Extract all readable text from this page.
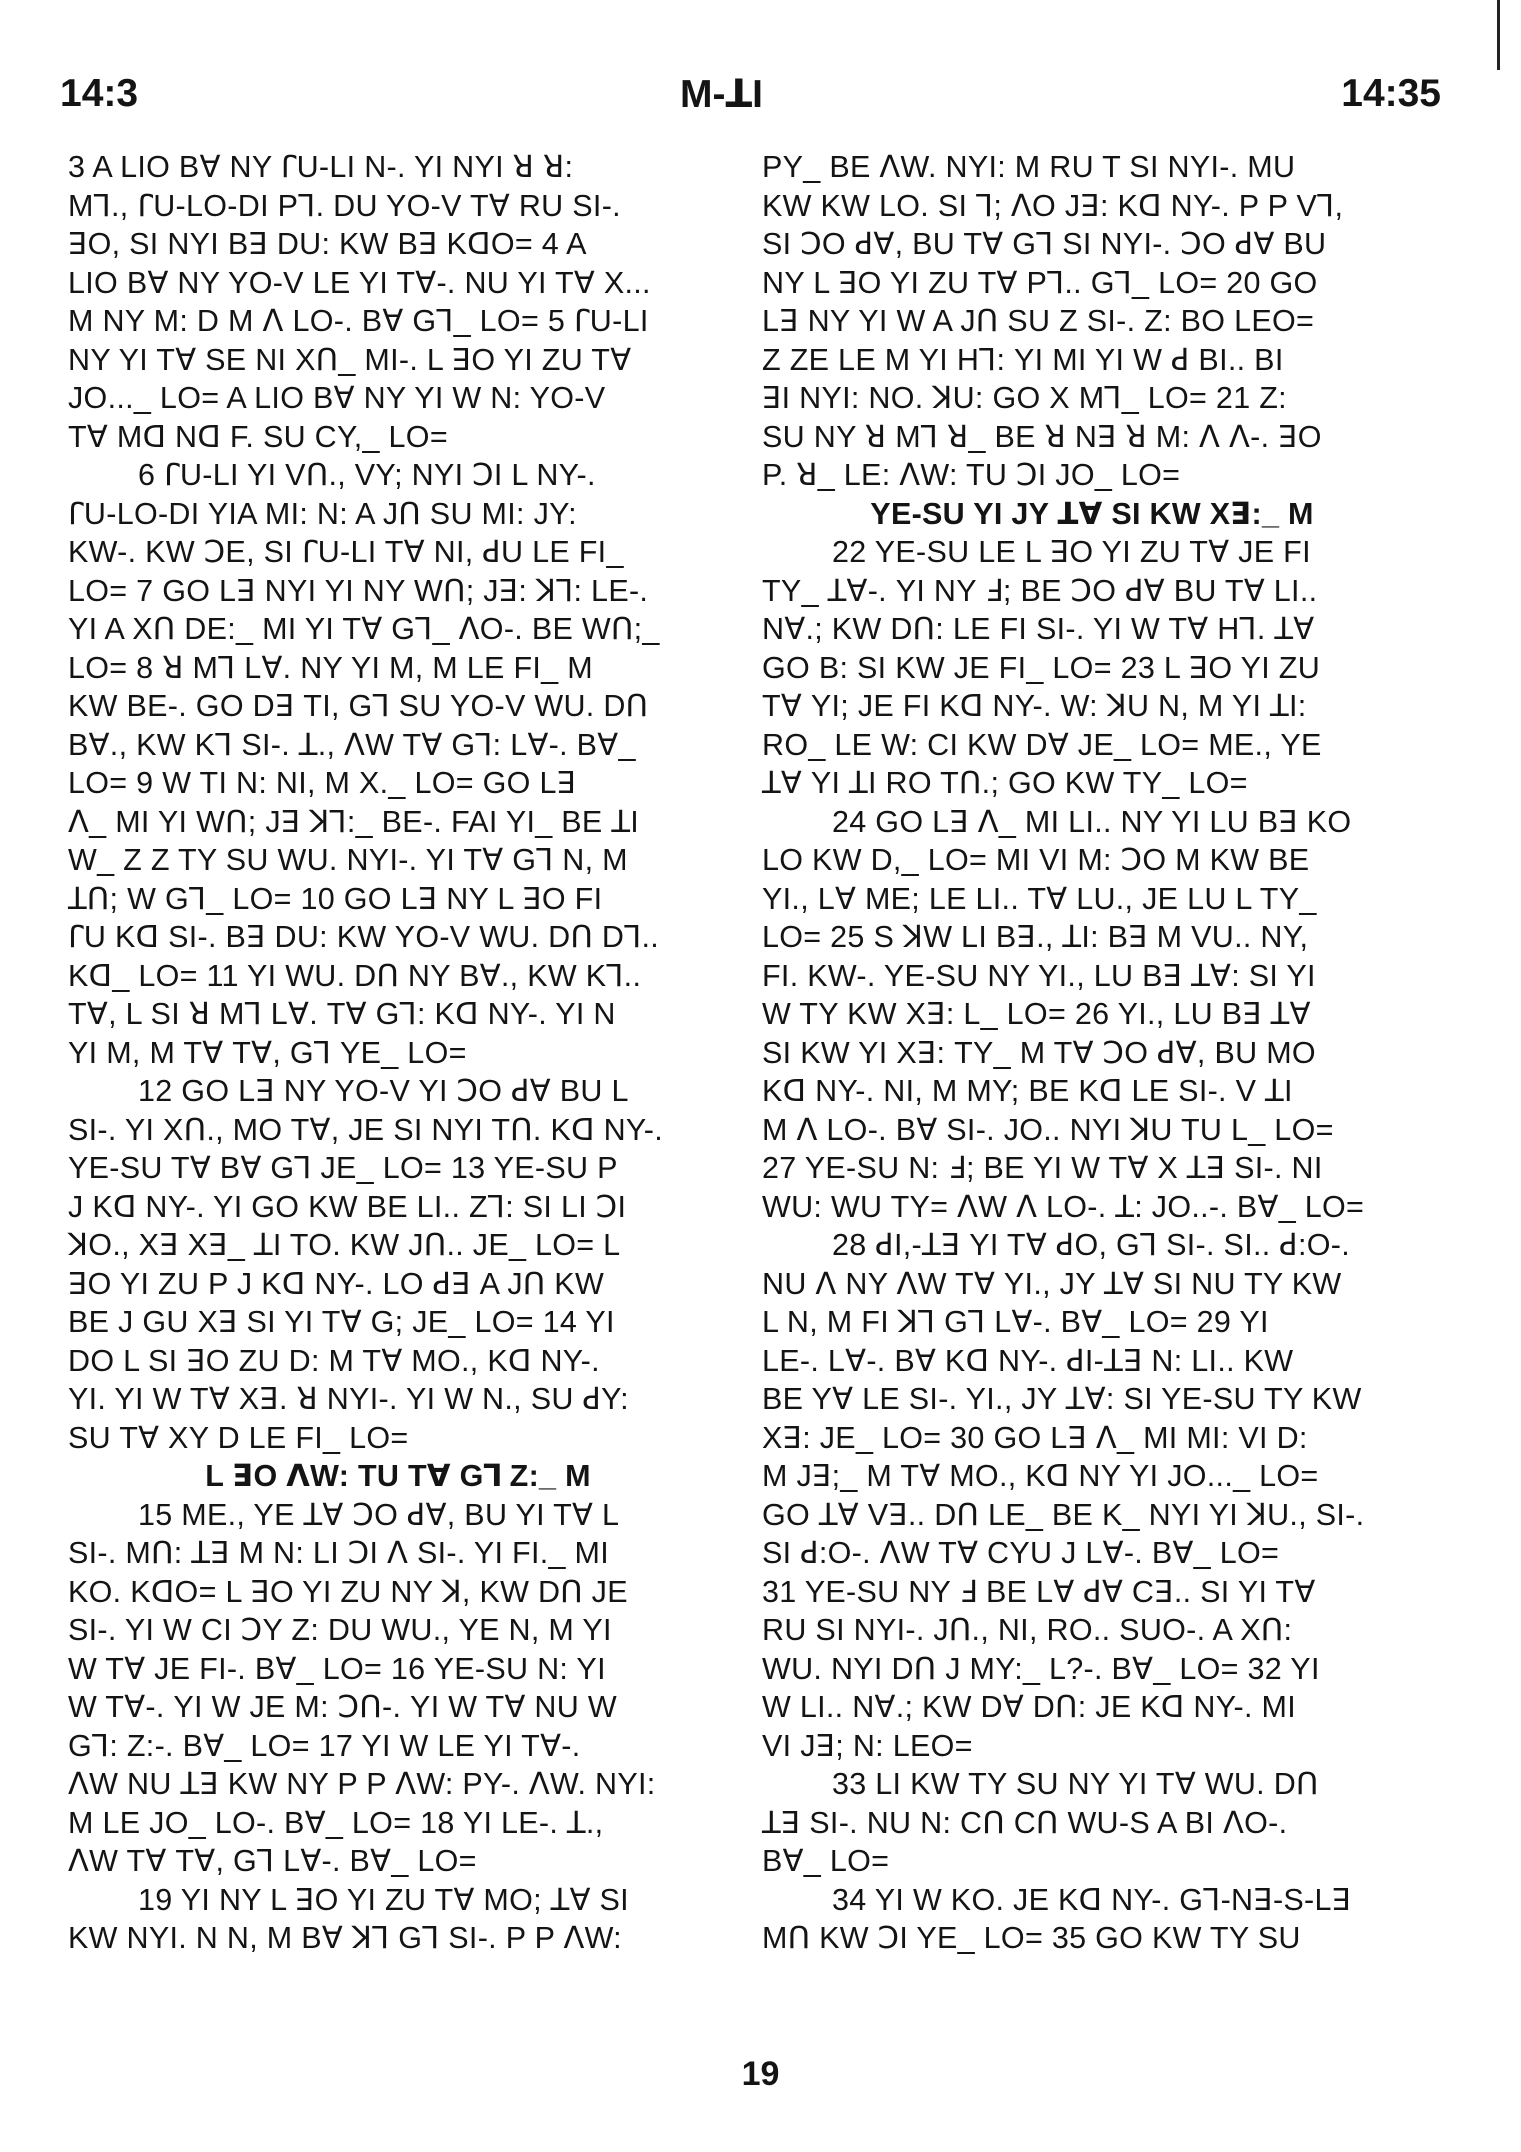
14:3	M-ꓕI	14:35
3 A LIO Bꓯ NY ꓩU-LI N-. YI NYI ꓤ ꓤ:
Mꓶ., ꓩU-LO-DI Pꓶ. DU YO-V Tꓯ RU SI-.
ꓱO, SI NYI Bꓱ DU: KW Bꓱ KꓷO= 4 A
LIO Bꓯ NY YO-V LE YI Tꓯ-. NU YI Tꓯ X...
M NY M: D M ꓥ LO-. Bꓯ Gꓶ_ LO= 5 ꓩU-LI
NY YI Tꓯ SE NI Xꓵ_ MI-. L ꓱO YI ZU Tꓯ
JO..._ LO= A LIO Bꓯ NY YI W N: YO-V
Tꓯ Mꓷ Nꓷ F. SU CY,_ LO=
6 ꓩU-LI YI Vꓵ., VY; NYI ꓛI L NY-.
ꓩU-LO-DI YIA MI: N: A Jꓵ SU MI: JY:
KW-. KW ꓛE, SI ꓩU-LI Tꓯ NI, ꓒU LE FI_
LO= 7 GO Lꓱ NYI YI NY Wꓵ; Jꓱ: ꓘꓶ: LE-.
YI A Xꓵ DE:_ MI YI Tꓯ Gꓶ_ ꓥO-. BE Wꓵ;_
LO= 8 ꓤ Mꓶ Lꓯ. NY YI M, M LE FI_ M
KW BE-. GO Dꓱ TI, Gꓶ SU YO-V WU. Dꓵ
Bꓯ., KW Kꓶ SI-. ꓕ., ꓥW Tꓯ Gꓶ: Lꓯ-. Bꓯ_
LO= 9 W TI N: NI, M X._ LO= GO Lꓱ
ꓥ_ MI YI Wꓵ; Jꓱ ꓘꓶ:_ BE-. FAI YI_ BE ꓕI
W_ Z Z TY SU WU. NYI-. YI Tꓯ Gꓶ N, M
ꓕꓵ; W Gꓶ_ LO= 10 GO Lꓱ NY L ꓱO FI
ꓩU Kꓷ SI-. Bꓱ DU: KW YO-V WU. Dꓵ Dꓶ..
Kꓷ_ LO= 11 YI WU. Dꓵ NY Bꓯ., KW Kꓶ..
Tꓯ, L SI ꓤ Mꓶ Lꓯ. Tꓯ Gꓶ: Kꓷ NY-. YI N
YI M, M Tꓯ Tꓯ, Gꓶ YE_ LO=
12 GO Lꓱ NY YO-V YI ꓛO ꓒꓯ BU L
SI-. YI Xꓵ., MO Tꓯ, JE SI NYI Tꓵ. Kꓷ NY-.
YE-SU Tꓯ Bꓯ Gꓶ JE_ LO= 13 YE-SU P
J Kꓷ NY-. YI GO KW BE LI.. Zꓶ: SI LI ꓛI
ꓘO., Xꓱ Xꓱ_ ꓕI TO. KW Jꓵ.. JE_ LO= L
ꓱO YI ZU P J Kꓷ NY-. LO ꓒꓱ A Jꓵ KW
BE J GU Xꓱ SI YI Tꓯ G; JE_ LO= 14 YI
DO L SI ꓱO ZU D: M Tꓯ MO., Kꓷ NY-.
YI. YI W Tꓯ Xꓱ. ꓤ NYI-. YI W N., SU ꓒY:
SU Tꓯ XY D LE FI_ LO=
L ꓱO ꓥW: TU Tꓯ Gꓶ Z:_ M
15 ME., YE ꓕꓯ ꓛO ꓒꓯ, BU YI Tꓯ L
SI-. Mꓵ: ꓕꓱ M N: LI ꓛI ꓥ SI-. YI FI._ MI
KO. KꓷO= L ꓱO YI ZU NY ꓘ, KW Dꓵ JE
SI-. YI W CI ꓛY Z: DU WU., YE N, M YI
W Tꓯ JE FI-. Bꓯ_ LO= 16 YE-SU N: YI
W Tꓯ-. YI W JE M: ꓛꓵ-. YI W Tꓯ NU W
Gꓶ: Z:-. Bꓯ_ LO= 17 YI W LE YI Tꓯ-.
ꓥW NU ꓕꓱ KW NY P P ꓥW: PY-. ꓥW. NYI:
M LE JO_ LO-. Bꓯ_ LO= 18 YI LE-. ꓕ.,
ꓥW Tꓯ Tꓯ, Gꓶ Lꓯ-. Bꓯ_ LO=
19 YI NY L ꓱO YI ZU Tꓯ MO; ꓕꓯ SI
KW NYI. N N, M Bꓯ ꓘꓶ Gꓶ SI-. P P ꓥW:
PY_ BE ꓥW. NYI: M RU T SI NYI-. MU
KW KW LO. SI ꓶ; ꓥO Jꓱ: Kꓷ NY-. P P Vꓶ,
SI ꓛO ꓒꓯ, BU Tꓯ Gꓶ SI NYI-. ꓛO ꓒꓯ BU
NY L ꓱO YI ZU Tꓯ Pꓶ.. Gꓶ_ LO= 20 GO
Lꓱ NY YI W A Jꓵ SU Z SI-. Z: BO LEO=
Z ZE LE M YI Hꓶ: YI MI YI W ꓒ BI.. BI
ꓱI NYI: NO. ꓘU: GO X Mꓶ_ LO= 21 Z:
SU NY ꓤ Mꓶ ꓤ_ BE ꓤ Nꓱ ꓤ M: ꓥ ꓥ-. ꓱO
P. ꓤ_ LE: ꓥW: TU ꓛI JO_ LO=
YE-SU YI JY ꓕꓯ SI KW Xꓱ:_ M
22 YE-SU LE L ꓱO YI ZU Tꓯ JE FI
TY_ ꓕꓯ-. YI NY ꓞ; BE ꓛO ꓒꓯ BU Tꓯ LI..
Nꓯ.; KW Dꓵ: LE FI SI-. YI W Tꓯ Hꓶ. ꓕꓯ
GO B: SI KW JE FI_ LO= 23 L ꓱO YI ZU
Tꓯ YI; JE FI Kꓷ NY-. W: ꓘU N, M YI ꓕI:
RO_ LE W: CI KW Dꓯ JE_ LO= ME., YE
ꓕꓯ YI ꓕI RO Tꓵ.; GO KW TY_ LO=
24 GO Lꓱ ꓥ_ MI LI.. NY YI LU Bꓱ KO
LO KW D,_ LO= MI VI M: ꓛO M KW BE
YI., Lꓯ ME; LE LI.. Tꓯ LU., JE LU L TY_
LO= 25 S ꓘW LI Bꓱ., ꓕI: Bꓱ M VU.. NY,
FI. KW-. YE-SU NY YI., LU Bꓱ ꓕꓯ: SI YI
W TY KW Xꓱ: L_ LO= 26 YI., LU Bꓱ ꓕꓯ
SI KW YI Xꓱ: TY_ M Tꓯ ꓛO ꓒꓯ, BU MO
Kꓷ NY-. NI, M MY; BE Kꓷ LE SI-. V ꓕI
M ꓥ LO-. Bꓯ SI-. JO.. NYI ꓘU TU L_ LO=
27 YE-SU N: ꓞ; BE YI W Tꓯ X ꓕꓱ SI-. NI
WU: WU TY= ꓥW ꓥ LO-. ꓕ: JO..-. Bꓯ_ LO=
28 ꓒI,-ꓕꓱ YI Tꓯ ꓒO, Gꓶ SI-. SI.. ꓒ:O-.
NU ꓥ NY ꓥW Tꓯ YI., JY ꓕꓯ SI NU TY KW
L N, M FI ꓘꓶ Gꓶ Lꓯ-. Bꓯ_ LO= 29 YI
LE-. Lꓯ-. Bꓯ Kꓷ NY-. ꓒI-ꓕꓱ N: LI.. KW
BE Yꓯ LE SI-. YI., JY ꓕꓯ: SI YE-SU TY KW
Xꓱ: JE_ LO= 30 GO Lꓱ ꓥ_ MI MI: VI D:
M Jꓱ;_ M Tꓯ MO., Kꓷ NY YI JO..._ LO=
GO ꓕꓯ Vꓱ.. Dꓵ LE_ BE K_ NYI YI ꓘU., SI-.
SI ꓒ:O-. ꓥW Tꓯ CYU J Lꓯ-. Bꓯ_ LO=
31 YE-SU NY ꓞ BE Lꓯ ꓒꓯ Cꓱ.. SI YI Tꓯ
RU SI NYI-. Jꓵ., NI, RO.. SUO-. A Xꓵ:
WU. NYI Dꓵ J MY:_ L?-. Bꓯ_ LO= 32 YI
W LI.. Nꓯ.; KW Dꓯ Dꓵ: JE Kꓷ NY-. MI
VI Jꓱ; N: LEO=
33 LI KW TY SU NY YI Tꓯ WU. Dꓵ
ꓕꓱ SI-. NU N: Cꓵ Cꓵ WU-S A BI ꓥO-.
Bꓯ_ LO=
34 YI W KO. JE Kꓷ NY-. Gꓶ-Nꓱ-S-Lꓱ
Mꓵ KW ꓛI YE_ LO= 35 GO KW TY SU
19
